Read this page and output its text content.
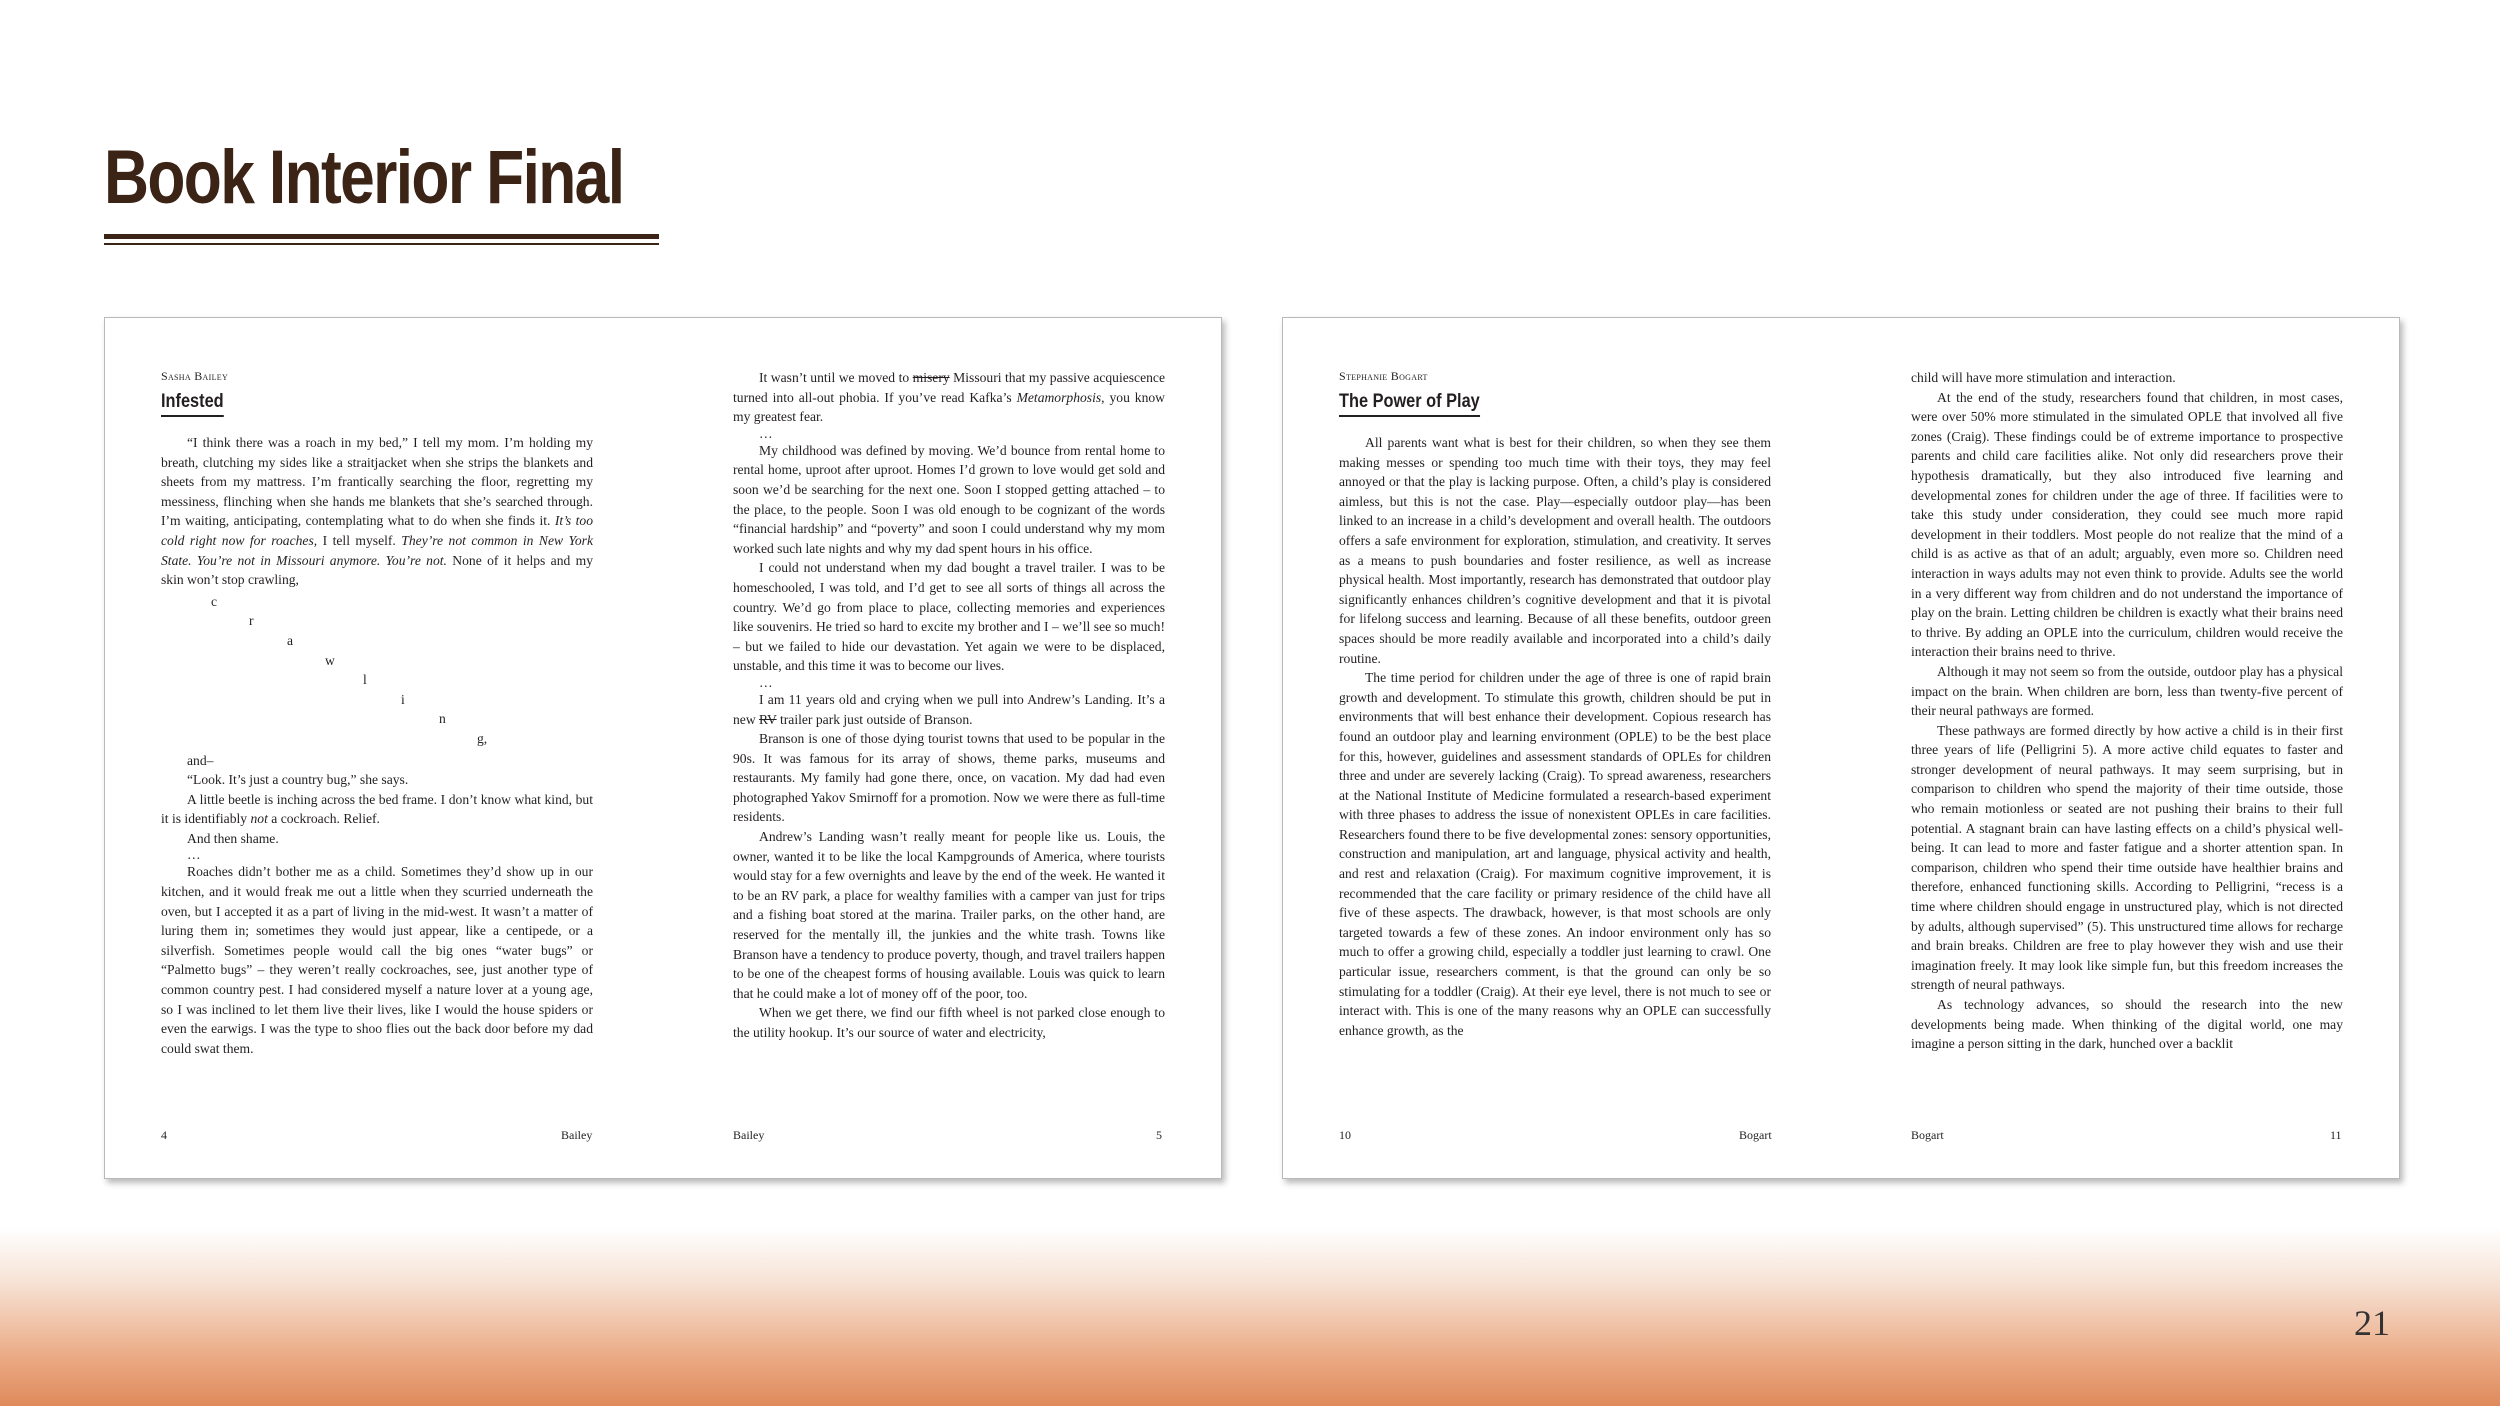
Book Interior Final
Sasha Bailey
Infested

“I think there was a roach in my bed,” I tell my mom. I’m holding my breath, clutching my sides like a straitjacket when she strips the blankets and sheets from my mattress. I’m frantically searching the floor, regretting my messiness, flinching when she hands me blankets that she’s searched through. I’m waiting, anticipating, contemplating what to do when she finds it. It’s too cold right now for roaches, I tell myself. They’re not common in New York State. You’re not in Missouri anymore. You’re not. None of it helps and my skin won’t stop crawling,

c
r
a
w
l
i
n
g,

and–

“Look. It’s just a country bug,” she says.

A little beetle is inching across the bed frame. I don’t know what kind, but it is identifiably not a cockroach. Relief.

And then shame.

…

Roaches didn’t bother me as a child. Sometimes they’d show up in our kitchen, and it would freak me out a little when they scurried underneath the oven, but I accepted it as a part of living in the mid-west. It wasn’t a matter of luring them in; sometimes they would just appear, like a centipede, or a silverfish. Sometimes people would call the big ones “water bugs” or “Palmetto bugs” – they weren’t really cockroaches, see, just another type of common country pest. I had considered myself a nature lover at a young age, so I was inclined to let them live their lives, like I would the house spiders or even the earwigs. I was the type to shoo flies out the back door before my dad could swat them.

4	Bailey

It wasn’t until we moved to misery Missouri that my passive acquiescence turned into all-out phobia. If you’ve read Kafka’s Metamorphosis, you know my greatest fear.

…

My childhood was defined by moving. We’d bounce from rental home to rental home, uproot after uproot. Homes I’d grown to love would get sold and soon we’d be searching for the next one. Soon I stopped getting attached – to the place, to the people. Soon I was old enough to be cognizant of the words “financial hardship” and “poverty” and soon I could understand why my mom worked such late nights and why my dad spent hours in his office.

I could not understand when my dad bought a travel trailer. I was to be homeschooled, I was told, and I’d get to see all sorts of things all across the country. We’d go from place to place, collecting memories and experiences like souvenirs. He tried so hard to excite my brother and I – we’ll see so much! – but we failed to hide our devastation. Yet again we were to be displaced, unstable, and this time it was to become our lives.

…

I am 11 years old and crying when we pull into Andrew’s Landing. It’s a new RV trailer park just outside of Branson.

Branson is one of those dying tourist towns that used to be popular in the 90s. It was famous for its array of shows, theme parks, museums and restaurants. My family had gone there, once, on vacation. My dad had even photographed Yakov Smirnoff for a promotion. Now we were there as full-time residents.

Andrew’s Landing wasn’t really meant for people like us. Louis, the owner, wanted it to be like the local Kampgrounds of America, where tourists would stay for a few overnights and leave by the end of the week. He wanted it to be an RV park, a place for wealthy families with a camper van just for trips and a fishing boat stored at the marina. Trailer parks, on the other hand, are reserved for the mentally ill, the junkies and the white trash. Towns like Branson have a tendency to produce poverty, though, and travel trailers happen to be one of the cheapest forms of housing available. Louis was quick to learn that he could make a lot of money off of the poor, too.

When we get there, we find our fifth wheel is not parked close enough to the utility hookup. It’s our source of water and electricity,

Bailey	5
Stephanie Bogart
The Power of Play

All parents want what is best for their children, so when they see them making messes or spending too much time with their toys, they may feel annoyed or that the play is lacking purpose. Often, a child’s play is considered aimless, but this is not the case. Play—especially outdoor play—has been linked to an increase in a child’s development and overall health. The outdoors offers a safe environment for exploration, stimulation, and creativity. It serves as a means to push boundaries and foster resilience, as well as increase physical health. Most importantly, research has demonstrated that outdoor play significantly enhances children’s cognitive development and that it is pivotal for lifelong success and learning. Because of all these benefits, outdoor green spaces should be more readily available and incorporated into a child’s daily routine.

The time period for children under the age of three is one of rapid brain growth and development. To stimulate this growth, children should be put in environments that will best enhance their development. Copious research has found an outdoor play and learning environment (OPLE) to be the best place for this, however, guidelines and assessment standards of OPLEs for children three and under are severely lacking (Craig). To spread awareness, researchers at the National Institute of Medicine formulated a research-based experiment with three phases to address the issue of nonexistent OPLEs in care facilities. Researchers found there to be five developmental zones: sensory opportunities, construction and manipulation, art and language, physical activity and health, and rest and relaxation (Craig). For maximum cognitive improvement, it is recommended that the care facility or primary residence of the child have all five of these aspects. The drawback, however, is that most schools are only targeted towards a few of these zones. An indoor environment only has so much to offer a growing child, especially a toddler just learning to crawl. One particular issue, researchers comment, is that the ground can only be so stimulating for a toddler (Craig). At their eye level, there is not much to see or interact with. This is one of the many reasons why an OPLE can successfully enhance growth, as the

10	Bogart

child will have more stimulation and interaction.

At the end of the study, researchers found that children, in most cases, were over 50% more stimulated in the simulated OPLE that involved all five zones (Craig). These findings could be of extreme importance to prospective parents and child care facilities alike. Not only did researchers prove their hypothesis dramatically, but they also introduced five learning and developmental zones for children under the age of three. If facilities were to take this study under consideration, they could see much more rapid development in their toddlers. Most people do not realize that the mind of a child is as active as that of an adult; arguably, even more so. Children need interaction in ways adults may not even think to provide. Adults see the world in a very different way from children and do not understand the importance of play on the brain. Letting children be children is exactly what their brains need to thrive. By adding an OPLE into the curriculum, children would receive the interaction their brains need to thrive.

Although it may not seem so from the outside, outdoor play has a physical impact on the brain. When children are born, less than twenty-five percent of their neural pathways are formed.

These pathways are formed directly by how active a child is in their first three years of life (Pelligrini 5). A more active child equates to faster and stronger development of neural pathways. It may seem surprising, but in comparison to children who spend the majority of their time outside, those who remain motionless or seated are not pushing their brains to their full potential. A stagnant brain can have lasting effects on a child’s physical well-being. It can lead to more and faster fatigue and a shorter attention span. In comparison, children who spend their time outside have healthier brains and therefore, enhanced functioning skills. According to Pelligrini, “recess is a time where children should engage in unstructured play, which is not directed by adults, although supervised” (5). This unstructured time allows for recharge and brain breaks. Children are free to play however they wish and use their imagination freely. It may look like simple fun, but this freedom increases the strength of neural pathways.

As technology advances, so should the research into the new developments being made. When thinking of the digital world, one may imagine a person sitting in the dark, hunched over a backlit

Bogart	11
21
